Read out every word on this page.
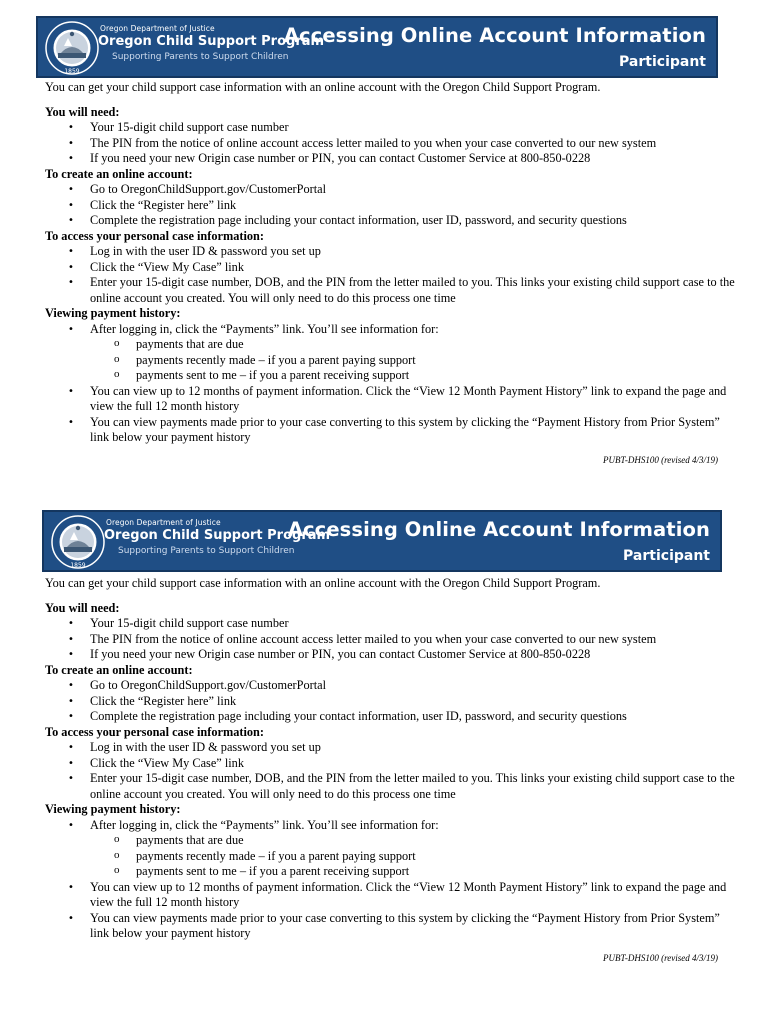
1859
Oregon Department of Justice
Oregon Child Support Program
Supporting Parents to Support Children
Accessing Online Account Information
Participant

You can get your child support case information with an online account with the Oregon Child Support Program.

You will need:

• Your 15-digit child support case number
• The PIN from the notice of online account access letter mailed to you when your case converted to our new system
• If you need your new Origin case number or PIN, you can contact Customer Service at 800-850-0228

To create an online account:

• Go to OregonChildSupport.gov/CustomerPortal
• Click the “Register here” link
• Complete the registration page including your contact information, user ID, password, and security questions

To access your personal case information:

• Log in with the user ID & password you set up
• Click the “View My Case” link
• Enter your 15-digit case number, DOB, and the PIN from the letter mailed to you. This links your existing child support case to the online account you created. You will only need to do this process one time

Viewing payment history:

• After logging in, click the “Payments” link. You’ll see information for:
o payments that are due
o payments recently made – if you a parent paying support
o payments sent to me – if you a parent receiving support
• You can view up to 12 months of payment information. Click the “View 12 Month Payment History” link to expand the page and view the full 12 month history
• You can view payments made prior to your case converting to this system by clicking the “Payment History from Prior System” link below your payment history
PUBT-DHS100 (revised 4/3/19)
1859
Oregon Department of Justice
Oregon Child Support Program
Supporting Parents to Support Children
Accessing Online Account Information
Participant

You can get your child support case information with an online account with the Oregon Child Support Program.

You will need:

• Your 15-digit child support case number
• The PIN from the notice of online account access letter mailed to you when your case converted to our new system
• If you need your new Origin case number or PIN, you can contact Customer Service at 800-850-0228

To create an online account:

• Go to OregonChildSupport.gov/CustomerPortal
• Click the “Register here” link
• Complete the registration page including your contact information, user ID, password, and security questions

To access your personal case information:

• Log in with the user ID & password you set up
• Click the “View My Case” link
• Enter your 15-digit case number, DOB, and the PIN from the letter mailed to you. This links your existing child support case to the online account you created. You will only need to do this process one time

Viewing payment history:

• After logging in, click the “Payments” link. You’ll see information for:
o payments that are due
o payments recently made – if you a parent paying support
o payments sent to me – if you a parent receiving support
• You can view up to 12 months of payment information. Click the “View 12 Month Payment History” link to expand the page and view the full 12 month history
• You can view payments made prior to your case converting to this system by clicking the “Payment History from Prior System” link below your payment history
PUBT-DHS100 (revised 4/3/19)
